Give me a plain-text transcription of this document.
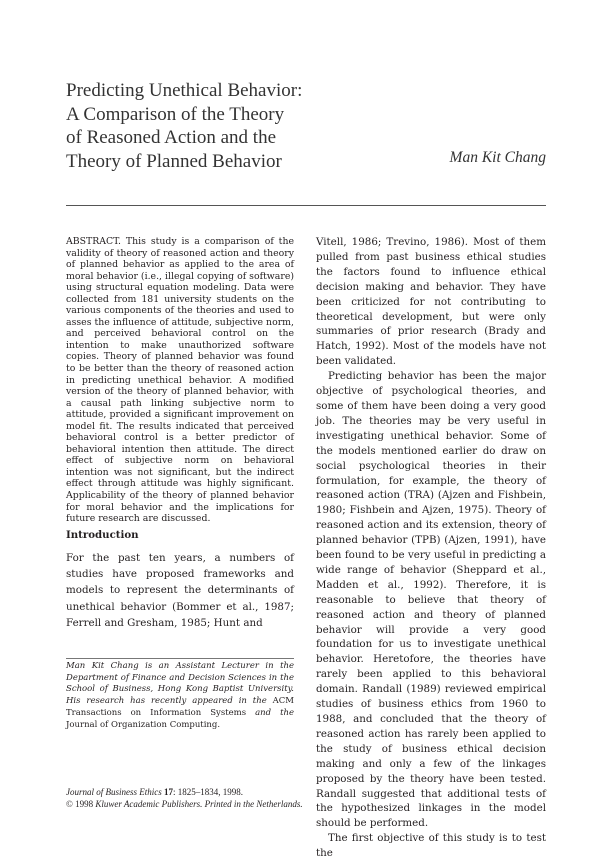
Predicting Unethical Behavior:
A Comparison of the Theory
of Reasoned Action and the
Theory of Planned Behavior	Man Kit Chang
ABSTRACT. This study is a comparison of the validity of theory of reasoned action and theory of planned behavior as applied to the area of moral behavior (i.e., illegal copying of software) using structural equation modeling. Data were collected from 181 university students on the various components of the theories and used to asses the influence of attitude, subjective norm, and perceived behavioral control on the intention to make unauthorized software copies. Theory of planned behavior was found to be better than the theory of reasoned action in predicting unethical behavior. A modified version of the theory of planned behavior, with a causal path linking subjective norm to attitude, provided a significant improvement on model fit. The results indicated that perceived behavioral control is a better predictor of behavioral intention then attitude. The direct effect of subjective norm on behavioral intention was not significant, but the indirect effect through attitude was highly significant. Applicability of the theory of planned behavior for moral behavior and the implications for future research are discussed.
Introduction
For the past ten years, a numbers of studies have proposed frameworks and models to represent the determinants of unethical behavior (Bommer et al., 1987; Ferrell and Gresham, 1985; Hunt and
Man Kit Chang is an Assistant Lecturer in the Department of Finance and Decision Sciences in the School of Business, Hong Kong Baptist University. His research has recently appeared in the ACM Transactions on Information Systems and the Journal of Organization Computing.

Vitell, 1986; Trevino, 1986). Most of them pulled from past business ethical studies the factors found to influence ethical decision making and behavior. They have been criticized for not contributing to theoretical development, but were only summaries of prior research (Brady and Hatch, 1992). Most of the models have not been validated.

Predicting behavior has been the major objective of psychological theories, and some of them have been doing a very good job. The theories may be very useful in investigating unethical behavior. Some of the models mentioned earlier do draw on social psychological theories in their formulation, for example, the theory of reasoned action (TRA) (Ajzen and Fishbein, 1980; Fishbein and Ajzen, 1975). Theory of reasoned action and its extension, theory of planned behavior (TPB) (Ajzen, 1991), have been found to be very useful in predicting a wide range of behavior (Sheppard et al., Madden et al., 1992). Therefore, it is reasonable to believe that theory of reasoned action and theory of planned behavior will provide a very good foundation for us to investigate unethical behavior. Heretofore, the theories have rarely been applied to this behavioral domain. Randall (1989) reviewed empirical studies of business ethics from 1960 to 1988, and concluded that the theory of reasoned action has rarely been applied to the study of business ethical decision making and only a few of the linkages proposed by the theory have been tested. Randall suggested that additional tests of the hypothesized linkages in the model should be performed.

The first objective of this study is to test the

Journal of Business Ethics 17: 1825–1834, 1998.
© 1998 Kluwer Academic Publishers. Printed in the Netherlands.
